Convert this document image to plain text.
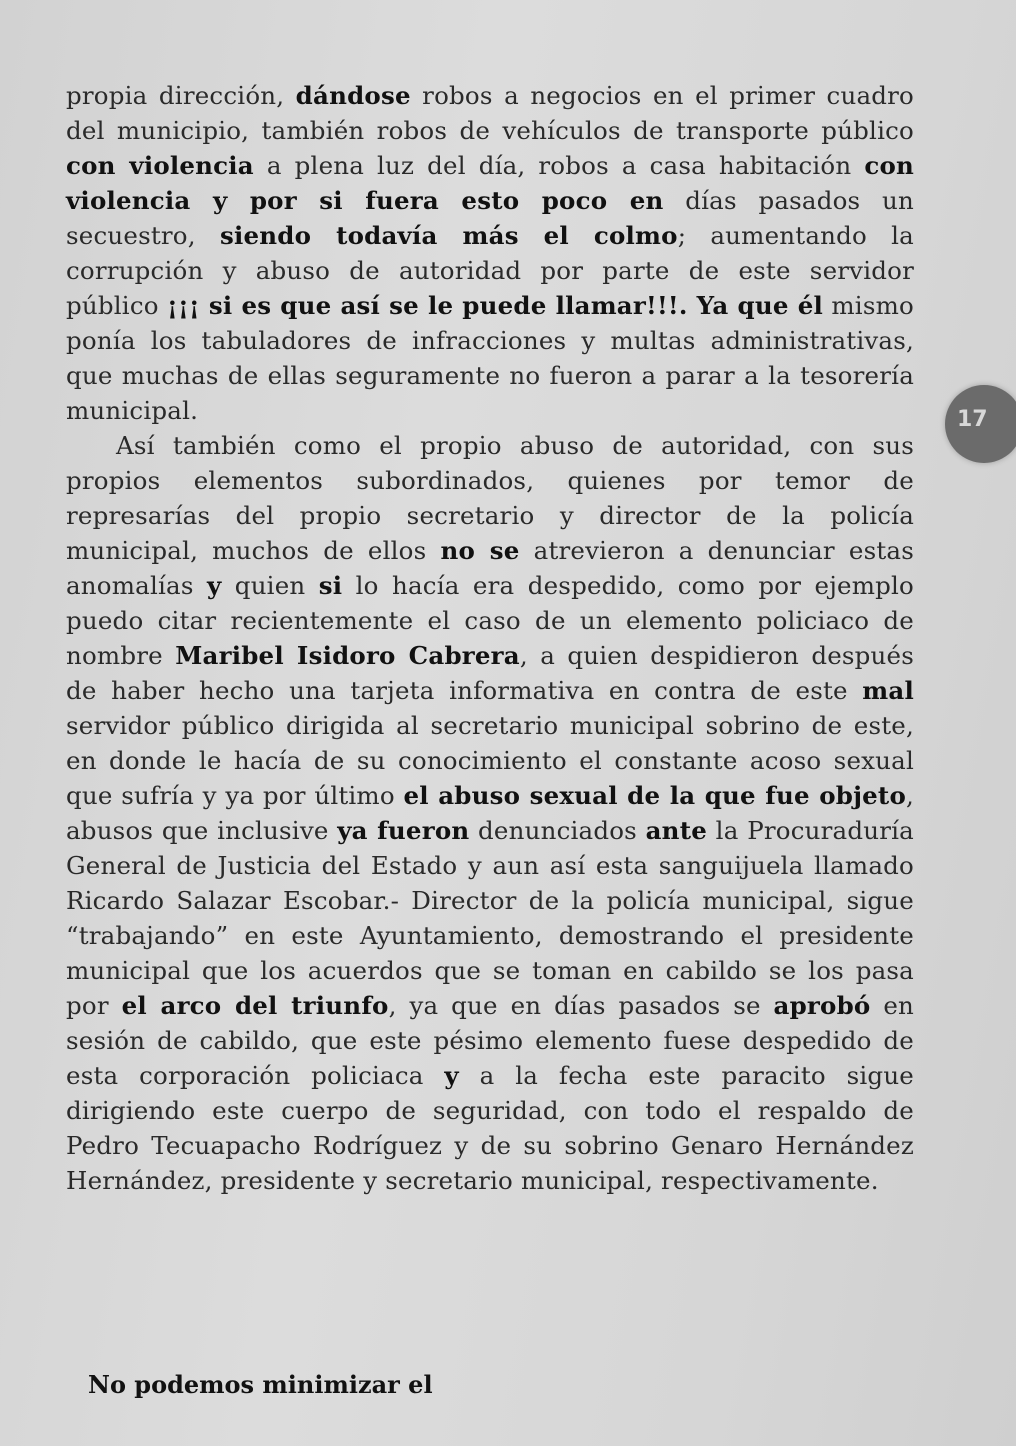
propia dirección, dándose robos a negocios en el primer cuadro del municipio, también robos de vehículos de transporte público con violencia a plena luz del día, robos a casa habitación con violencia y por si fuera esto poco en días pasados un secuestro, siendo todavía más el colmo; aumentando la corrupción y abuso de autoridad por parte de este servidor público ¡¡¡ si es que así se le puede llamar!!!. Ya que él mismo ponía los tabuladores de infracciones y multas administrativas, que muchas de ellas seguramente no fueron a parar a la tesorería municipal.

Así también como el propio abuso de autoridad, con sus propios elementos subordinados, quienes por temor de represarías del propio secretario y director de la policía municipal, muchos de ellos no se atrevieron a denunciar estas anomalías y quien si lo hacía era despedido, como por ejemplo puedo citar recientemente el caso de un elemento policiaco de nombre Maribel Isidoro Cabrera, a quien despidieron después de haber hecho una tarjeta informativa en contra de este mal servidor público dirigida al secretario municipal sobrino de este, en donde le hacía de su conocimiento el constante acoso sexual que sufría y ya por último el abuso sexual de la que fue objeto, abusos que inclusive ya fueron denunciados ante la Procuraduría General de Justicia del Estado y aun así esta sanguijuela llamado Ricardo Salazar Escobar.- Director de la policía municipal, sigue “trabajando” en este Ayuntamiento, demostrando el presidente municipal que los acuerdos que se toman en cabildo se los pasa por el arco del triunfo, ya que en días pasados se aprobó en sesión de cabildo, que este pésimo elemento fuese despedido de esta corporación policiaca y a la fecha este paracito sigue dirigiendo este cuerpo de seguridad, con todo el respaldo de Pedro Tecuapacho Rodríguez y de su sobrino Genaro Hernández Hernández, presidente y secretario municipal, respectivamente.

17
No podemos minimizar el
